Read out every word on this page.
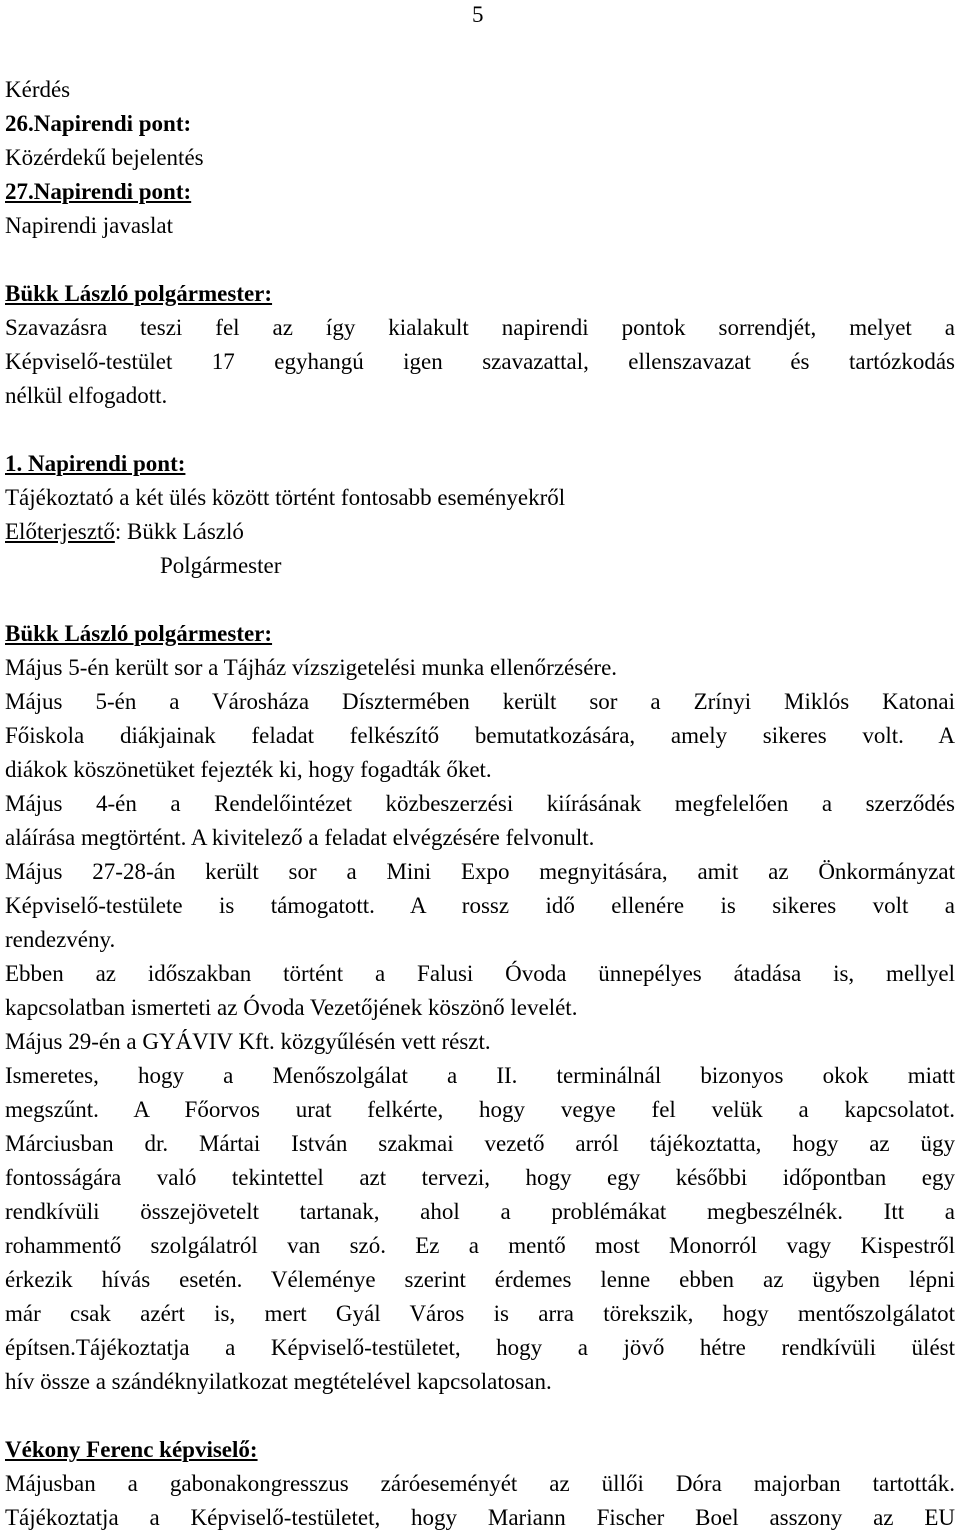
5
Kérdés
26.Napirendi pont:
Közérdekű bejelentés
27.Napirendi pont:
Napirendi javaslat
Bükk László polgármester:
Szavazásra teszi fel az így kialakult napirendi pontok sorrendjét, melyet a
Képviselő-testület 17 egyhangú igen szavazattal, ellenszavazat és tartózkodás
nélkül elfogadott.
1. Napirendi pont:
Tájékoztató a két ülés között történt fontosabb eseményekről
Előterjesztő: Bükk László
Polgármester
Bükk László polgármester:
Május 5-én került sor a Tájház vízszigetelési munka ellenőrzésére.
Május 5-én a Városháza Dísztermében került sor a Zrínyi Miklós Katonai
Főiskola diákjainak feladat felkészítő bemutatkozására, amely sikeres volt. A
diákok köszönetüket fejezték ki, hogy fogadták őket.
Május 4-én a Rendelőintézet közbeszerzési kiírásának megfelelően a szerződés
aláírása megtörtént. A kivitelező a feladat elvégzésére felvonult.
Május 27-28-án került sor a Mini Expo megnyitására, amit az Önkormányzat
Képviselő-testülete is támogatott. A rossz idő ellenére is sikeres volt a
rendezvény.
Ebben az időszakban történt a Falusi Óvoda ünnepélyes átadása is, mellyel
kapcsolatban ismerteti az Óvoda Vezetőjének köszönő levelét.
Május 29-én a GYÁVIV Kft. közgyűlésén vett részt.
Ismeretes, hogy a Menőszolgálat a II. terminálnál bizonyos okok miatt
megszűnt. A Főorvos urat felkérte, hogy vegye fel velük a kapcsolatot.
Márciusban dr. Mártai István szakmai vezető arról tájékoztatta, hogy az ügy
fontosságára való tekintettel azt tervezi, hogy egy későbbi időpontban egy
rendkívüli összejövetelt tartanak, ahol a problémákat megbeszélnék. Itt a
rohammentő szolgálatról van szó. Ez a mentő most Monorról vagy Kispestről
érkezik hívás esetén. Véleménye szerint érdemes lenne ebben az ügyben lépni
már csak azért is, mert Gyál Város is arra törekszik, hogy mentőszolgálatot
építsen.Tájékoztatja a Képviselő-testületet, hogy a jövő hétre rendkívüli ülést
hív össze a szándéknyilatkozat megtételével kapcsolatosan.
Vékony Ferenc képviselő:
Májusban a gabonakongresszus záróeseményét az üllői Dóra majorban tartották.
Tájékoztatja a Képviselő-testületet, hogy Mariann Fischer Boel asszony az EU
